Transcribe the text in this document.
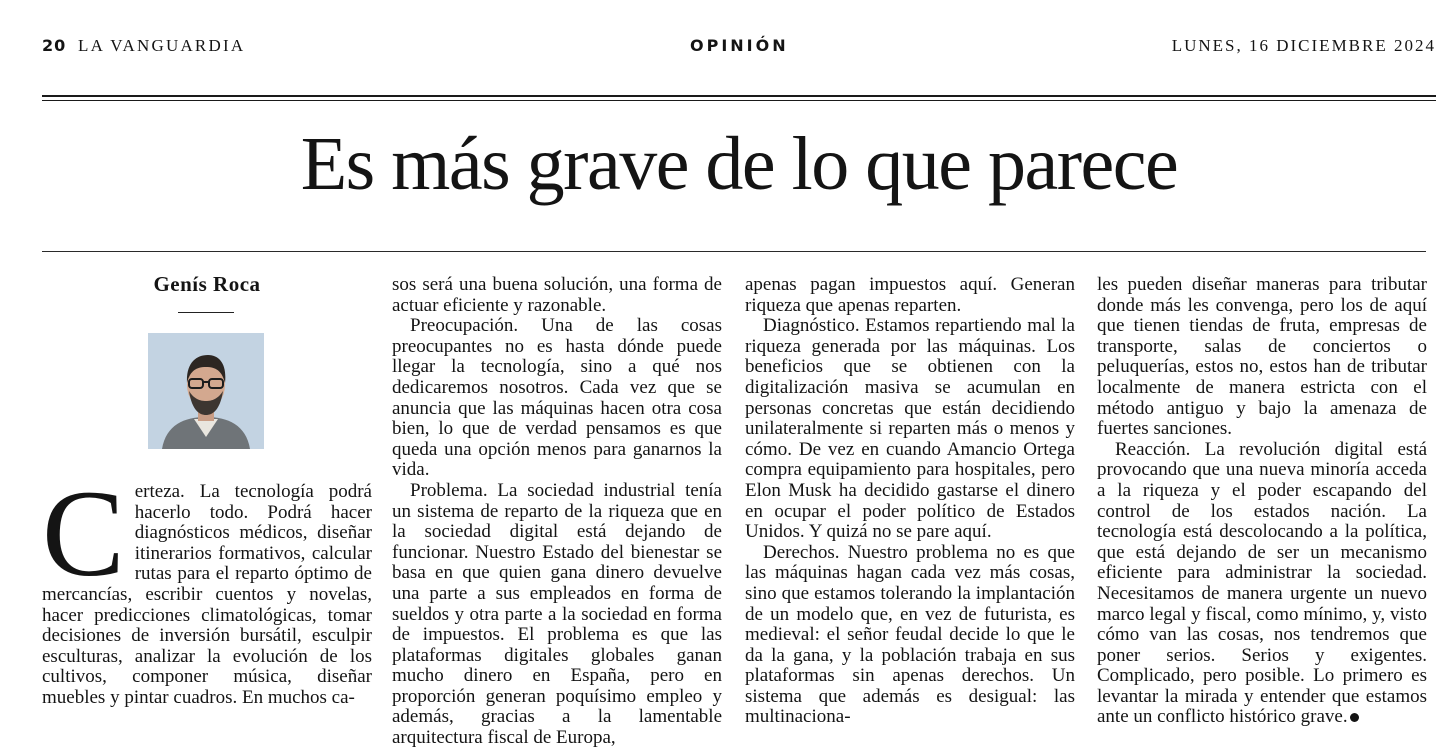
20 LA VANGUARDIA	OPINIÓN	LUNES, 16 DICIEMBRE 2024
Es más grave de lo que parece
Genís Roca
C erteza. La tecnología podrá hacerlo todo. Podrá hacer diagnósticos médicos, diseñar itinerarios formativos, calcular rutas para el reparto óptimo de mercancías, escribir cuentos y novelas, hacer predicciones climatológicas, tomar decisiones de inversión bursátil, esculpir esculturas, analizar la evolución de los cultivos, componer música, diseñar muebles y pintar cuadros. En muchos ca-

sos será una buena solución, una forma de actuar eficiente y razonable.

Preocupación. Una de las cosas preocupantes no es hasta dónde puede llegar la tecnología, sino a qué nos dedicaremos nosotros. Cada vez que se anuncia que las máquinas hacen otra cosa bien, lo que de verdad pensamos es que queda una opción menos para ganarnos la vida.

Problema. La sociedad industrial tenía un sistema de reparto de la riqueza que en la sociedad digital está dejando de funcionar. Nuestro Estado del bienestar se basa en que quien gana dinero devuelve una parte a sus empleados en forma de sueldos y otra parte a la sociedad en forma de impuestos. El problema es que las plataformas digitales globales ganan mucho dinero en España, pero en proporción generan poquísimo empleo y además, gracias a la lamentable arquitectura fiscal de Europa,

apenas pagan impuestos aquí. Generan riqueza que apenas reparten.

Diagnóstico. Estamos repartiendo mal la riqueza generada por las máquinas. Los beneficios que se obtienen con la digitalización masiva se acumulan en personas concretas que están decidiendo unilateralmente si reparten más o menos y cómo. De vez en cuando Amancio Ortega compra equipamiento para hospitales, pero Elon Musk ha decidido gastarse el dinero en ocupar el poder político de Estados Unidos. Y quizá no se pare aquí.

Derechos. Nuestro problema no es que las máquinas hagan cada vez más cosas, sino que estamos tolerando la implantación de un modelo que, en vez de futurista, es medieval: el señor feudal decide lo que le da la gana, y la población trabaja en sus plataformas sin apenas derechos. Un sistema que además es desigual: las multinaciona-

les pueden diseñar maneras para tributar donde más les convenga, pero los de aquí que tienen tiendas de fruta, empresas de transporte, salas de conciertos o peluquerías, estos no, estos han de tributar localmente de manera estricta con el método antiguo y bajo la amenaza de fuertes sanciones.

Reacción. La revolución digital está provocando que una nueva minoría acceda a la riqueza y el poder escapando del control de los estados nación. La tecnología está descolocando a la política, que está dejando de ser un mecanismo eficiente para administrar la sociedad. Necesitamos de manera urgente un nuevo marco legal y fiscal, como mínimo, y, visto cómo van las cosas, nos tendremos que poner serios. Serios y exigentes. Complicado, pero posible. Lo primero es levantar la mirada y entender que estamos ante un conflicto histórico grave.
